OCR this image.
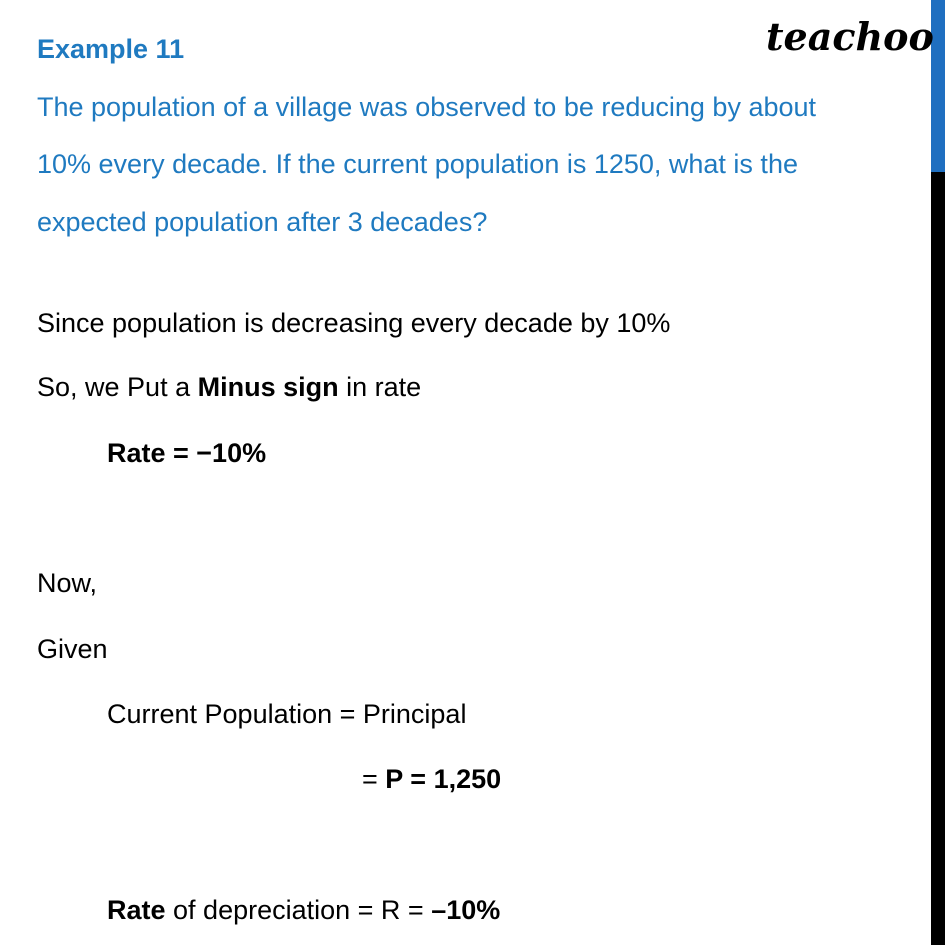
teachoo
Example 11
The population of a village was observed to be reducing by about
10% every decade. If the current population is 1250, what is the
expected population after 3 decades?
Since population is decreasing every decade by 10%
So, we Put a Minus sign in rate
Rate = −10%
Now,
Given
Current Population = Principal
= P = 1,250
Rate of depreciation = R = –10%
